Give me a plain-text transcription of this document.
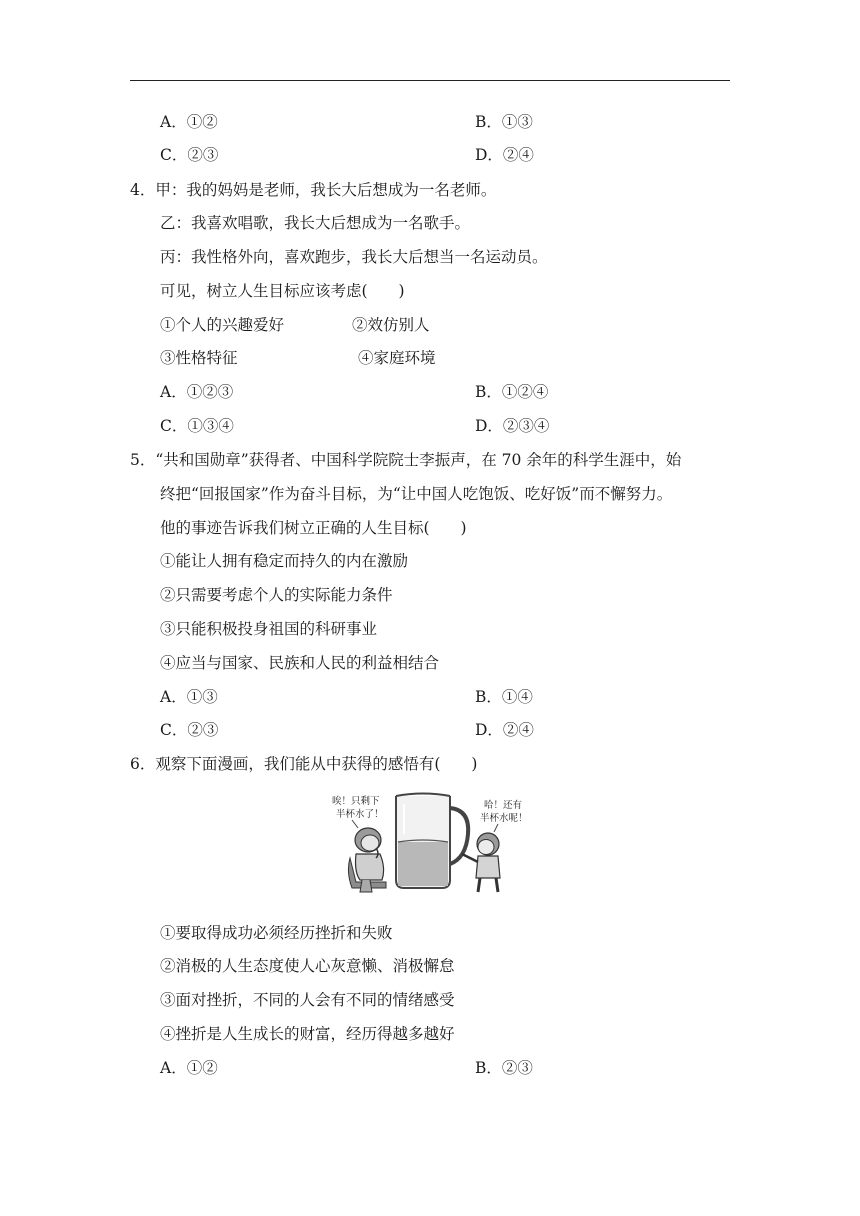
A．①②	B．①③
C．②③	D．②④
4．甲：我的妈妈是老师，我长大后想成为一名老师。
乙：我喜欢唱歌，我长大后想成为一名歌手。
丙：我性格外向，喜欢跑步，我长大后想当一名运动员。
可见，树立人生目标应该考虑(　　)
①个人的兴趣爱好	②效仿别人
③性格特征	④家庭环境
A．①②③	B．①②④
C．①③④	D．②③④
5．“共和国勋章”获得者、中国科学院院士李振声，在 70 余年的科学生涯中，始
终把“回报国家”作为奋斗目标，为“让中国人吃饱饭、吃好饭”而不懈努力。
他的事迹告诉我们树立正确的人生目标(　　)
①能让人拥有稳定而持久的内在激励
②只需要考虑个人的实际能力条件
③只能积极投身祖国的科研事业
④应当与国家、民族和人民的利益相结合
A．①③	B．①④
C．②③	D．②④
6．观察下面漫画，我们能从中获得的感悟有(　　)
唉！只剩下
半杯水了！
哈！还有
半杯水呢！
①要取得成功必须经历挫折和失败
②消极的人生态度使人心灰意懒、消极懈怠
③面对挫折，不同的人会有不同的情绪感受
④挫折是人生成长的财富，经历得越多越好
A．①②	B．②③
